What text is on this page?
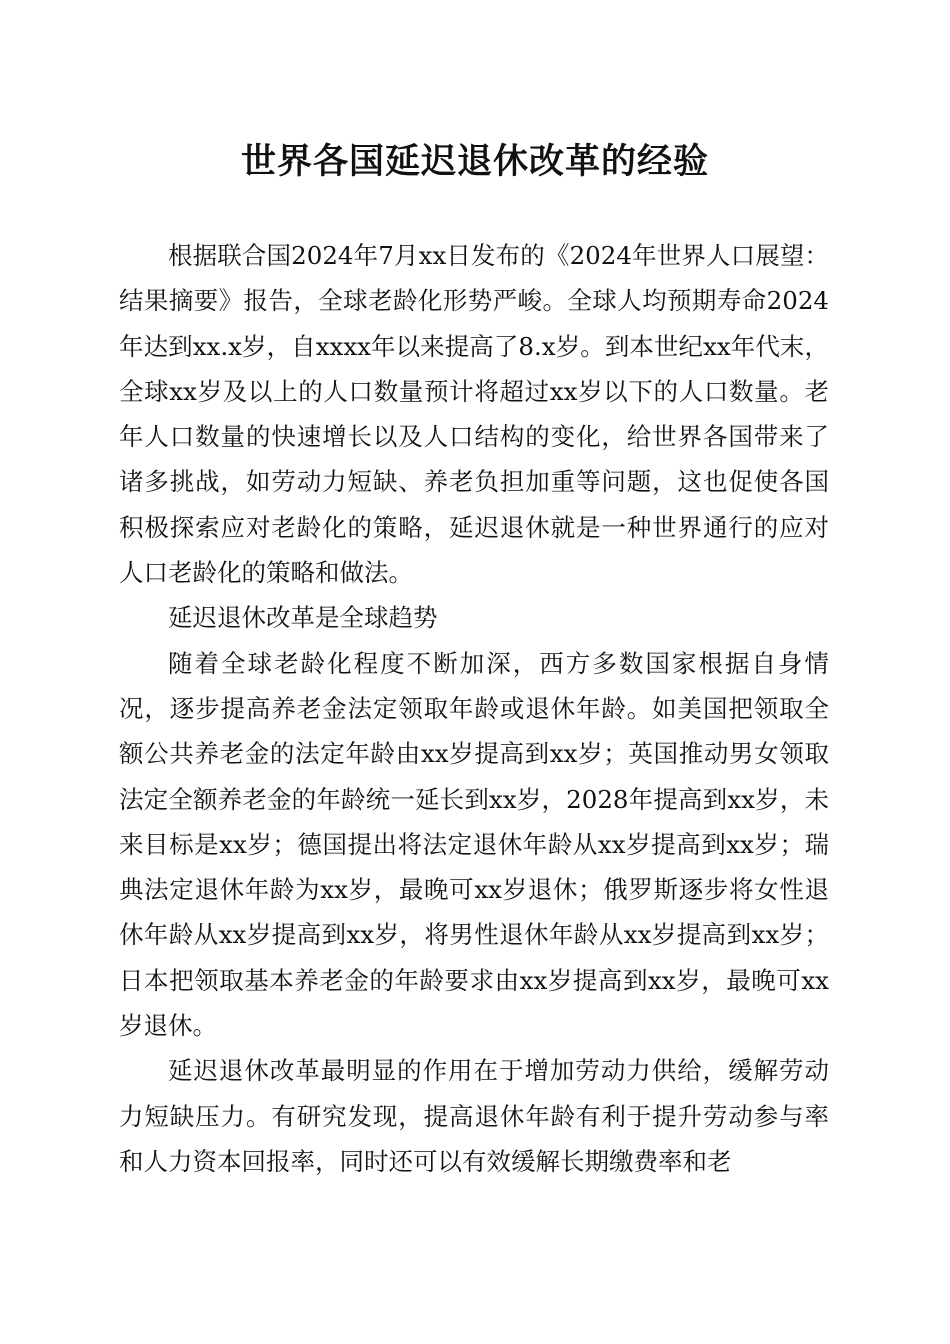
世界各国延迟退休改革的经验

根据联合国2024年7月xx日发布的《2024年世界人口展望：结果摘要》报告，全球老龄化形势严峻。全球人均预期寿命2024年达到xx.x岁，自xxxx年以来提高了8.x岁。到本世纪xx年代末，全球xx岁及以上的人口数量预计将超过xx岁以下的人口数量。老年人口数量的快速增长以及人口结构的变化，给世界各国带来了诸多挑战，如劳动力短缺、养老负担加重等问题，这也促使各国积极探索应对老龄化的策略，延迟退休就是一种世界通行的应对人口老龄化的策略和做法。

延迟退休改革是全球趋势

随着全球老龄化程度不断加深，西方多数国家根据自身情况，逐步提高养老金法定领取年龄或退休年龄。如美国把领取全额公共养老金的法定年龄由xx岁提高到xx岁；英国推动男女领取法定全额养老金的年龄统一延长到xx岁，2028年提高到xx岁，未来目标是xx岁；德国提出将法定退休年龄从xx岁提高到xx岁；瑞典法定退休年龄为xx岁，最晚可xx岁退休；俄罗斯逐步将女性退休年龄从xx岁提高到xx岁，将男性退休年龄从xx岁提高到xx岁；日本把领取基本养老金的年龄要求由xx岁提高到xx岁，最晚可xx岁退休。

延迟退休改革最明显的作用在于增加劳动力供给，缓解劳动力短缺压力。有研究发现，提高退休年龄有利于提升劳动参与率和人力资本回报率，同时还可以有效缓解长期缴费率和老
